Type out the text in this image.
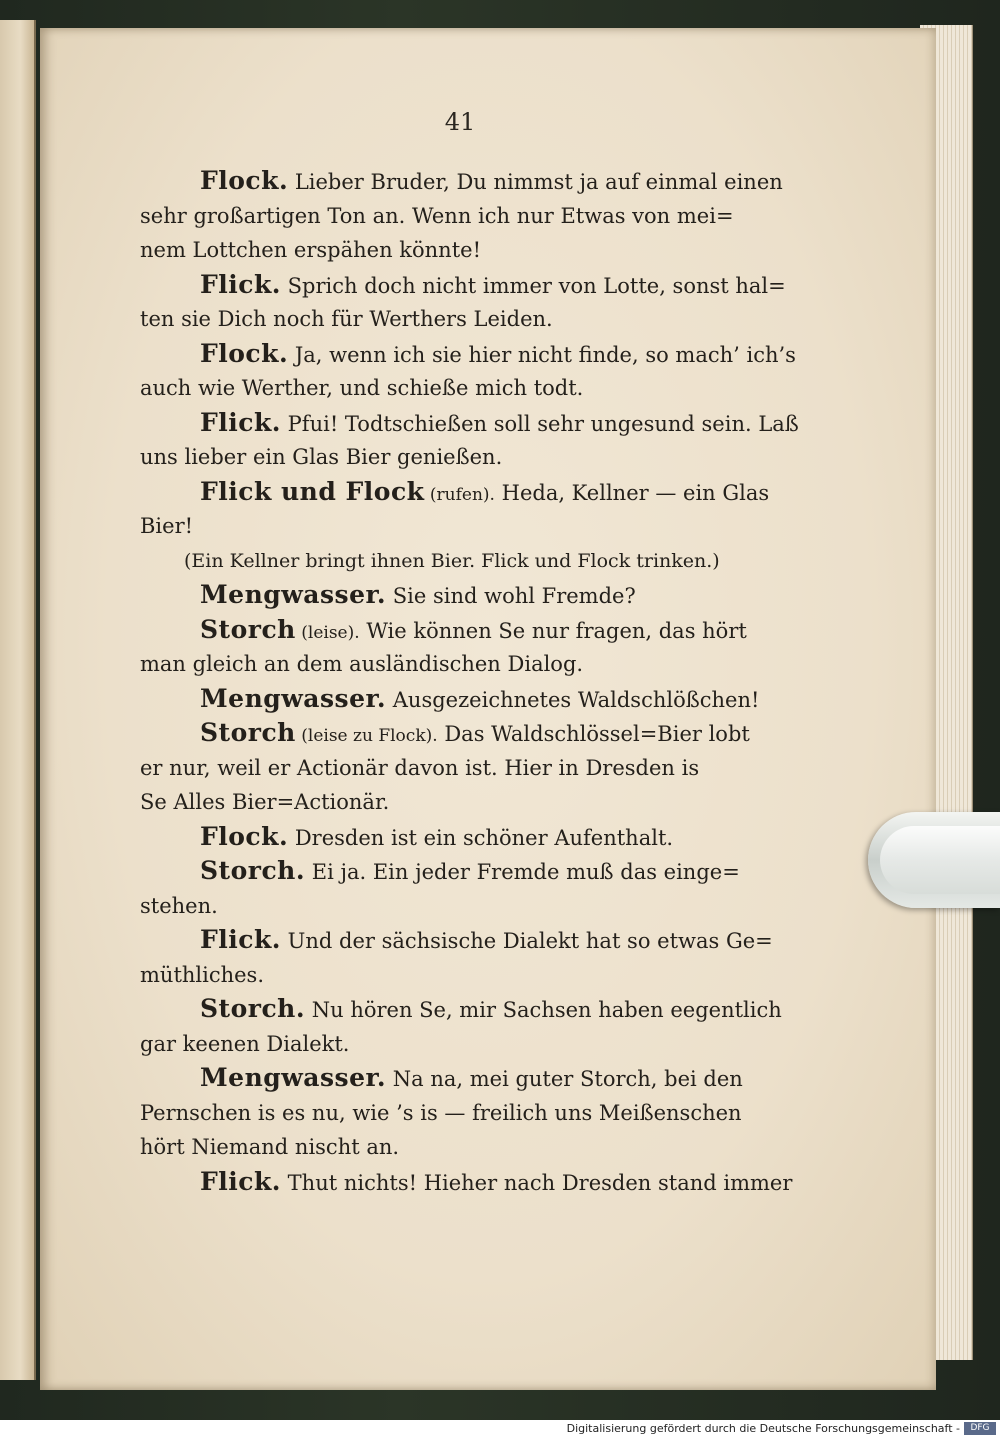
41
Flock. Lieber Bruder, Du nimmst ja auf einmal einen
sehr großartigen Ton an. Wenn ich nur Etwas von mei=
nem Lottchen erspähen könnte!
Flick. Sprich doch nicht immer von Lotte, sonst hal=
ten sie Dich noch für Werthers Leiden.
Flock. Ja, wenn ich sie hier nicht finde, so mach’ ich’s
auch wie Werther, und schieße mich todt.
Flick. Pfui! Todtschießen soll sehr ungesund sein. Laß
uns lieber ein Glas Bier genießen.
Flick und Flock (rufen). Heda, Kellner — ein Glas
Bier!
(Ein Kellner bringt ihnen Bier. Flick und Flock trinken.)
Mengwasser. Sie sind wohl Fremde?
Storch (leise). Wie können Se nur fragen, das hört
man gleich an dem ausländischen Dialog.
Mengwasser. Ausgezeichnetes Waldschlößchen!
Storch (leise zu Flock). Das Waldschlössel=Bier lobt
er nur, weil er Actionär davon ist. Hier in Dresden is
Se Alles Bier=Actionär.
Flock. Dresden ist ein schöner Aufenthalt.
Storch. Ei ja. Ein jeder Fremde muß das einge=
stehen.
Flick. Und der sächsische Dialekt hat so etwas Ge=
müthliches.
Storch. Nu hören Se, mir Sachsen haben eegentlich
gar keenen Dialekt.
Mengwasser. Na na, mei guter Storch, bei den
Pernschen is es nu, wie ’s is — freilich uns Meißenschen
hört Niemand nischt an.
Flick. Thut nichts! Hieher nach Dresden stand immer
Digitalisierung gefördert durch die Deutsche Forschungsgemeinschaft -	DFG
